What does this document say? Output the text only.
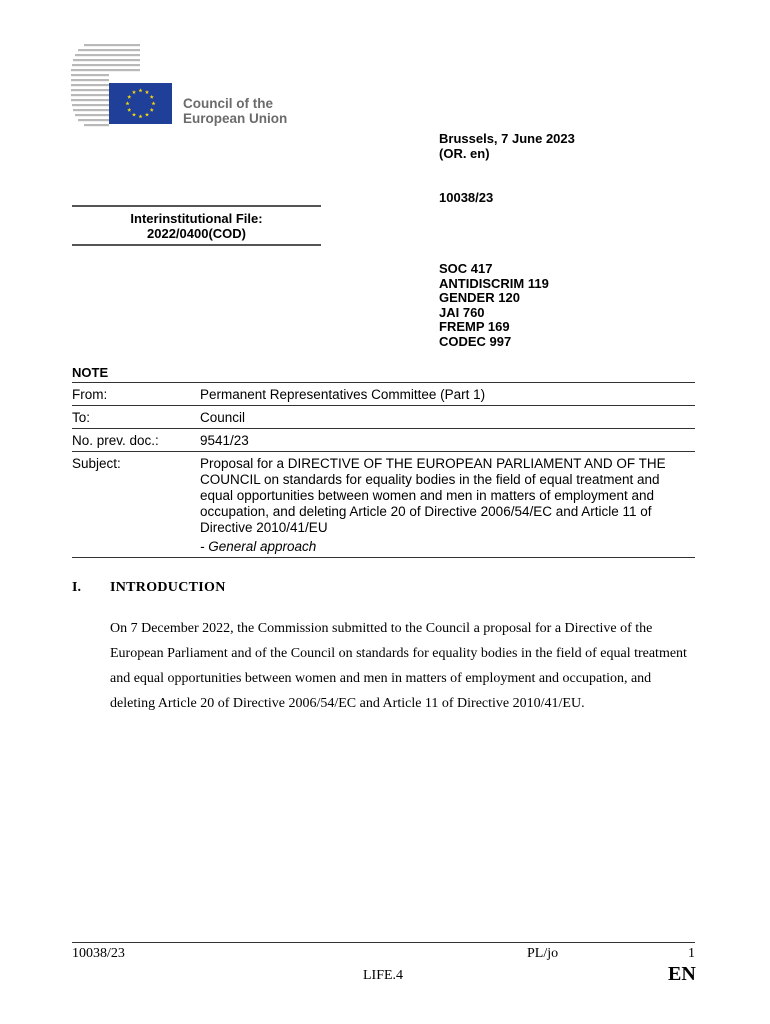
Council of the
European Union
Brussels, 7 June 2023
(OR. en)
10038/23
Interinstitutional File:
2022/0400(COD)
SOC 417
ANTIDISCRIM 119
GENDER 120
JAI 760
FREMP 169
CODEC 997
NOTE
From:	Permanent Representatives Committee (Part 1)
To:	Council
No. prev. doc.:	9541/23
Subject:	Proposal for a DIRECTIVE OF THE EUROPEAN PARLIAMENT AND OF THE COUNCIL on standards for equality bodies in the field of equal treatment and equal opportunities between women and men in matters of employment and occupation, and deleting Article 20 of Directive 2006/54/EC and Article 11 of Directive 2010/41/EU
- General approach
I. INTRODUCTION
On 7 December 2022, the Commission submitted to the Council a proposal for a Directive of the European Parliament and of the Council on standards for equality bodies in the field of equal treatment and equal opportunities between women and men in matters of employment and occupation, and deleting Article 20 of Directive 2006/54/EC and Article 11 of Directive 2010/41/EU.
10038/23	PL/jo	1
LIFE.4	EN
